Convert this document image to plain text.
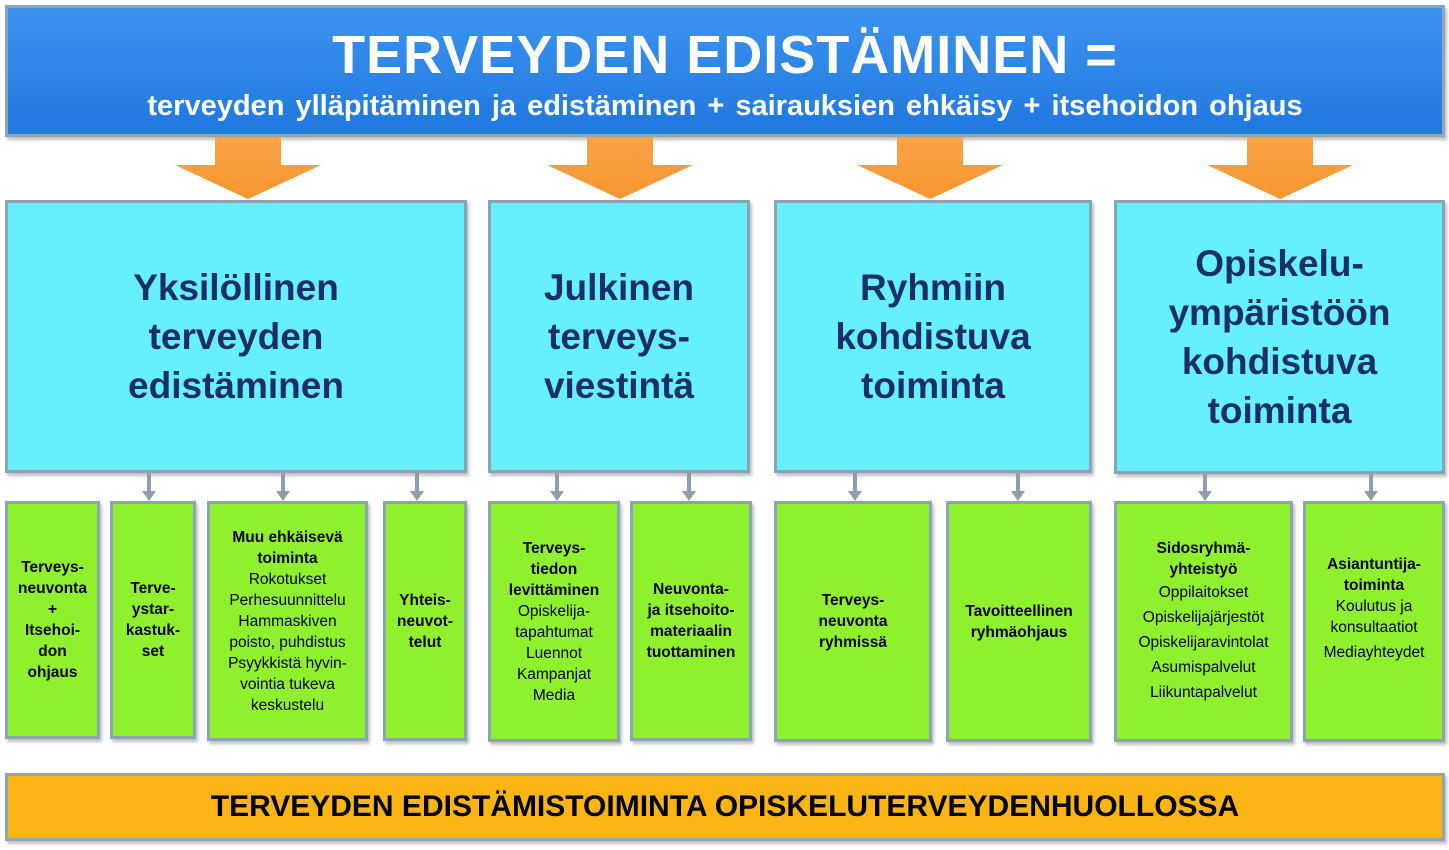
TERVEYDEN EDISTÄMINEN =
terveyden ylläpitäminen ja edistäminen + sairauksien ehkäisy + itsehoidon ohjaus
Yksilöllinen
terveyden
edistäminen
Julkinen
terveys-
viestintä
Ryhmiin
kohdistuva
toiminta
Opiskelu-
ympäristöön
kohdistuva
toiminta
Terveys-
neuvonta
+
Itsehoi-
don
ohjaus
Terve-
ystar-
kastuk-
set
Muu ehkäisevä
toiminta
Rokotukset
Perhesuunnittelu
Hammaskiven
poisto, puhdistus
Psyykkistä hyvin-
vointia tukeva
keskustelu
Yhteis-
neuvot-
telut
Terveys-
tiedon
levittäminen
Opiskelija-
tapahtumat
Luennot
Kampanjat
Media
Neuvonta-
ja itsehoito-
materiaalin
tuottaminen
Terveys-
neuvonta
ryhmissä
Tavoitteellinen
ryhmäohjaus
Sidosryhmä-
yhteistyö
Oppilaitokset
Opiskelijajärjestöt
Opiskelijaravintolat
Asumispalvelut
Liikuntapalvelut
Asiantuntija-
toiminta
Koulutus ja
konsultaatiot
Mediayhteydet
TERVEYDEN EDISTÄMISTOIMINTA OPISKELUTERVEYDENHUOLLOSSA
